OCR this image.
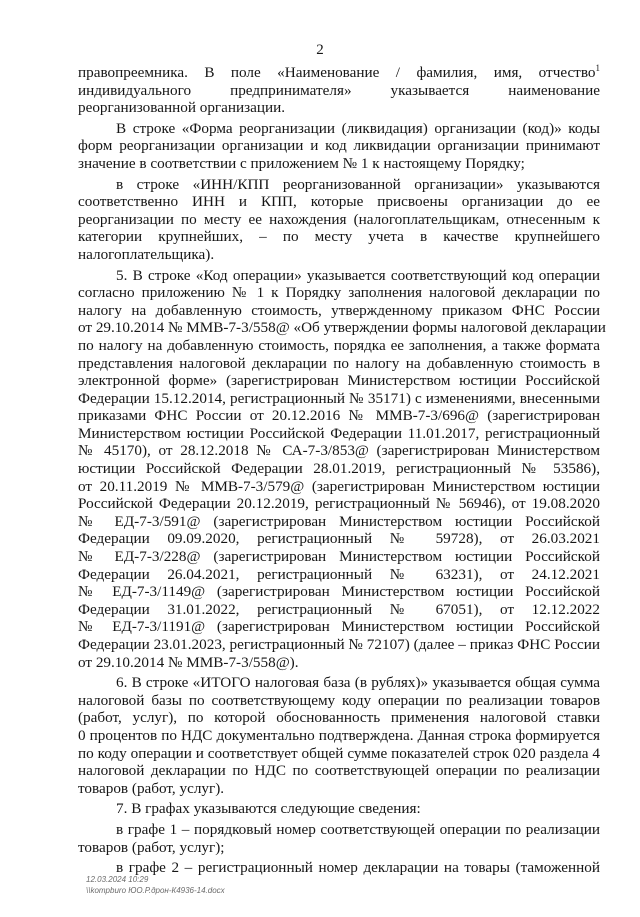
2
правопреемника. В поле «Наименование / фамилия, имя, отчество$^1$
индивидуального предпринимателя» указывается наименование
реорганизованной организации.
В строке «Форма реорганизации (ликвидация) организации (код)» коды
форм реорганизации организации и код ликвидации организации принимают
значение в соответствии с приложением № 1 к настоящему Порядку;
в строке «ИНН/КПП реорганизованной организации» указываются
соответственно ИНН и КПП, которые присвоены организации до ее
реорганизации по месту ее нахождения (налогоплательщикам, отнесенным к
категории крупнейших, – по месту учета в качестве крупнейшего
налогоплательщика).
5. В строке «Код операции» указывается соответствующий код операции
согласно приложению № 1 к Порядку заполнения налоговой декларации по
налогу на добавленную стоимость, утвержденному приказом ФНС России
от 29.10.2014 № ММВ-7-3/558@ «Об утверждении формы налоговой декларации
по налогу на добавленную стоимость, порядка ее заполнения, а также формата
представления налоговой декларации по налогу на добавленную стоимость в
электронной форме» (зарегистрирован Министерством юстиции Российской
Федерации 15.12.2014, регистрационный № 35171) с изменениями, внесенными
приказами ФНС России от 20.12.2016 № ММВ-7-3/696@ (зарегистрирован
Министерством юстиции Российской Федерации 11.01.2017, регистрационный
№ 45170), от 28.12.2018 № СА-7-3/853@ (зарегистрирован Министерством
юстиции Российской Федерации 28.01.2019, регистрационный № 53586),
от 20.11.2019 № ММВ-7-3/579@ (зарегистрирован Министерством юстиции
Российской Федерации 20.12.2019, регистрационный № 56946), от 19.08.2020
№ ЕД-7-3/591@ (зарегистрирован Министерством юстиции Российской
Федерации 09.09.2020, регистрационный № 59728), от 26.03.2021
№ ЕД-7-3/228@ (зарегистрирован Министерством юстиции Российской
Федерации 26.04.2021, регистрационный № 63231), от 24.12.2021
№ ЕД-7-3/1149@ (зарегистрирован Министерством юстиции Российской
Федерации 31.01.2022, регистрационный № 67051), от 12.12.2022
№ ЕД-7-3/1191@ (зарегистрирован Министерством юстиции Российской
Федерации 23.01.2023, регистрационный № 72107) (далее – приказ ФНС России
от 29.10.2014 № ММВ-7-3/558@).
6. В строке «ИТОГО налоговая база (в рублях)» указывается общая сумма
налоговой базы по соответствующему коду операции по реализации товаров
(работ, услуг), по которой обоснованность применения налоговой ставки
0 процентов по НДС документально подтверждена. Данная строка формируется
по коду операции и соответствует общей сумме показателей строк 020 раздела 4
налоговой декларации по НДС по соответствующей операции по реализации
товаров (работ, услуг).
7. В графах указываются следующие сведения:
в графе 1 – порядковый номер соответствующей операции по реализации
товаров (работ, услуг);
в графе 2 – регистрационный номер декларации на товары (таможенной
12.03.2024 10:29
\\kompburo ЮО.Р.дрон-К4936-14.docx
